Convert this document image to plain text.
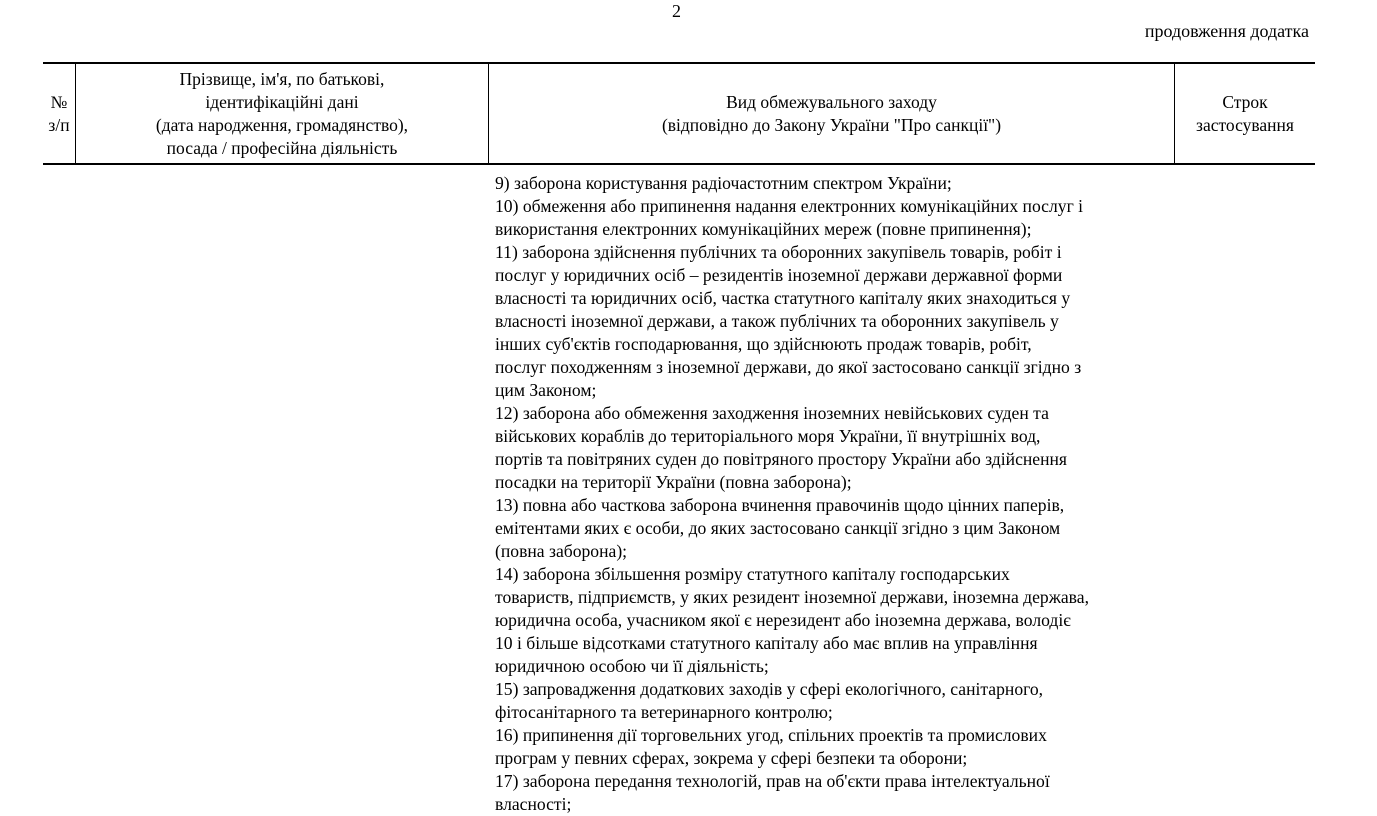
2
продовження додатка
№
з/п
Прізвище, ім'я, по батькові,
ідентифікаційні дані
(дата народження, громадянство),
посада / професійна діяльність
Вид обмежувального заходу
(відповідно до Закону України "Про санкції")
Строк
застосування
9) заборона користування радіочастотним спектром України;
10) обмеження або припинення надання електронних комунікаційних послуг і
використання електронних комунікаційних мереж (повне припинення);
11) заборона здійснення публічних та оборонних закупівель товарів, робіт і
послуг у юридичних осіб – резидентів іноземної держави державної форми
власності та юридичних осіб, частка статутного капіталу яких знаходиться у
власності іноземної держави, а також публічних та оборонних закупівель у
інших суб'єктів господарювання, що здійснюють продаж товарів, робіт,
послуг походженням з іноземної держави, до якої застосовано санкції згідно з
цим Законом;
12) заборона або обмеження заходження іноземних невійськових суден та
військових кораблів до територіального моря України, її внутрішніх вод,
портів та повітряних суден до повітряного простору України або здійснення
посадки на території України (повна заборона);
13) повна або часткова заборона вчинення правочинів щодо цінних паперів,
емітентами яких є особи, до яких застосовано санкції згідно з цим Законом
(повна заборона);
14) заборона збільшення розміру статутного капіталу господарських
товариств, підприємств, у яких резидент іноземної держави, іноземна держава,
юридична особа, учасником якої є нерезидент або іноземна держава, володіє
10 і більше відсотками статутного капіталу або має вплив на управління
юридичною особою чи її діяльність;
15) запровадження додаткових заходів у сфері екологічного, санітарного,
фітосанітарного та ветеринарного контролю;
16) припинення дії торговельних угод, спільних проектів та промислових
програм у певних сферах, зокрема у сфері безпеки та оборони;
17) заборона передання технологій, прав на об'єкти права інтелектуальної
власності;
